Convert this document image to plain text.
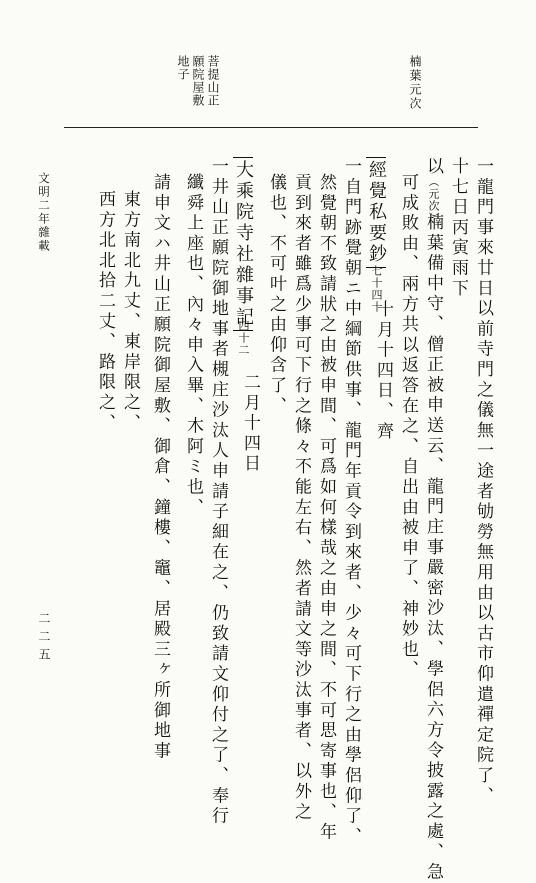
楠葉元次
菩提山正願院屋敷地子
文明二年雜載
二二五	一龍門事來廿日以前寺門之儀無一途者劬勞無用由以古市仰遣禪定院了、
十七日丙寅雨下
以
（元次）
楠葉備中守、僧正被申送云、龍門庄事嚴密沙汰、學侶六方令披露之處、急
可成敗由、兩方共以返答在之、自出由被申了、神妙也、
經覺私要鈔
七十四十
十月十四日、齊
一自門跡覺朝ニ中綱節供事、龍門年貢令到來者、少々可下行之由學侶仰了、
然覺朝不致請狀之由被申間、可爲如何樣哉之由申之間、不可思寄事也、年
貢到來者雖爲少事可下行之條々不能左右、然者請文等沙汰事者、以外之
儀也、不可叶之由仰含了、
大乘院寺社雜事記
四十二
二月十四日
一井山正願院御地事者槻庄沙汰人申請子細在之、仍致請文仰付之了、奉行
纖舜上座也、內々申入畢、木阿ミ也、
請申文ハ井山正願院御屋敷、御倉、鐘樓、竈、居殿三ヶ所御地事
東方南北九丈、東岸限之、
西方北北拾二丈、路限之、
